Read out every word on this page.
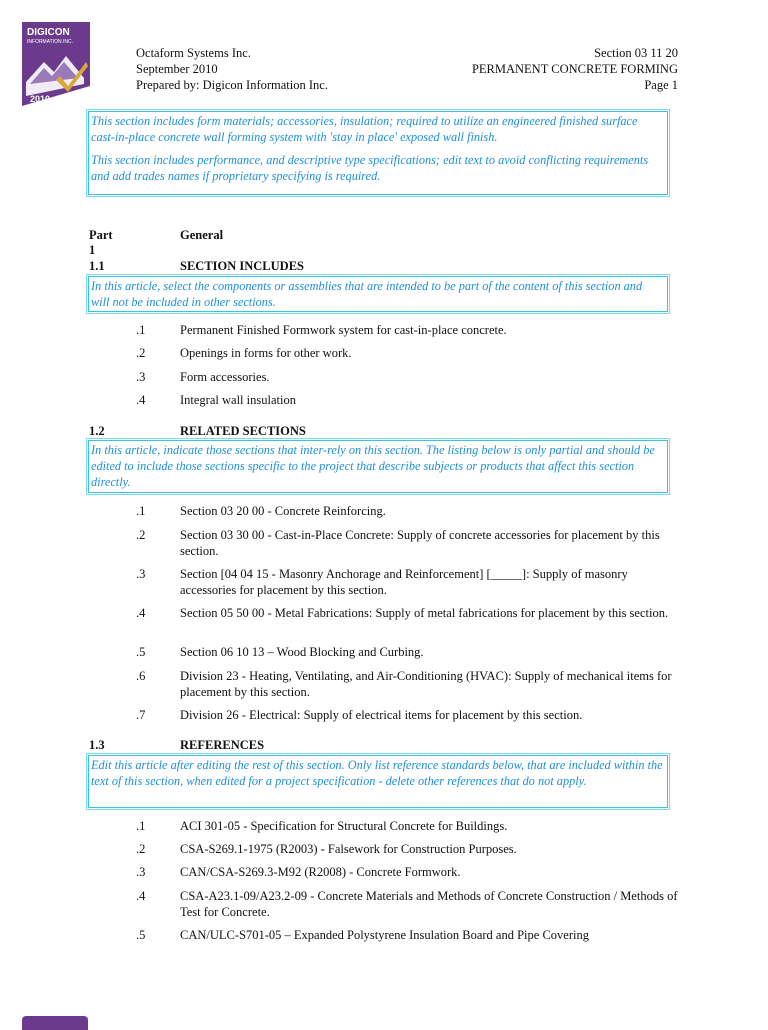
DIGICON
INFORMATION INC.
2010
Octaform Systems Inc.
September 2010
Prepared by: Digicon Information Inc.
Section 03 11 20
PERMANENT CONCRETE FORMING
Page 1

This section includes form materials; accessories, insulation; required to utilize an engineered finished surface cast-in-place concrete wall forming system with 'stay in place' exposed wall finish.

This section includes performance, and descriptive type specifications; edit text to avoid conflicting requirements and add trades names if proprietary specifying is required.

Part 1
General
1.1	SECTION INCLUDES
In this article, select the components or assemblies that are intended to be part of the content of this section and will not be included in other sections.
.1	Permanent Finished Formwork system for cast-in-place concrete.
.2	Openings in forms for other work.
.3	Form accessories.
.4	Integral wall insulation
1.2	RELATED SECTIONS
In this article, indicate those sections that inter-rely on this section. The listing below is only partial and should be edited to include those sections specific to the project that describe subjects or products that affect this section directly.
.1	Section 03 20 00 - Concrete Reinforcing.
.2	Section 03 30 00 - Cast-in-Place Concrete: Supply of concrete accessories for placement by this section.
.3	Section [04 04 15 - Masonry Anchorage and Reinforcement] [_____]: Supply of masonry accessories for placement by this section.
.4	Section 05 50 00 - Metal Fabrications: Supply of metal fabrications for placement by this section.
.5	Section 06 10 13 – Wood Blocking and Curbing.
.6	Division 23 - Heating, Ventilating, and Air-Conditioning (HVAC): Supply of mechanical items for placement by this section.
.7	Division 26 - Electrical: Supply of electrical items for placement by this section.
1.3	REFERENCES
Edit this article after editing the rest of this section. Only list reference standards below, that are included within the text of this section, when edited for a project specification - delete other references that do not apply.
.1	ACI 301-05 - Specification for Structural Concrete for Buildings.
.2	CSA-S269.1-1975 (R2003) - Falsework for Construction Purposes.
.3	CAN/CSA-S269.3-M92 (R2008) - Concrete Formwork.
.4	CSA-A23.1-09/A23.2-09 - Concrete Materials and Methods of Concrete Construction / Methods of Test for Concrete.
.5	CAN/ULC-S701-05 – Expanded Polystyrene Insulation Board and Pipe Covering
